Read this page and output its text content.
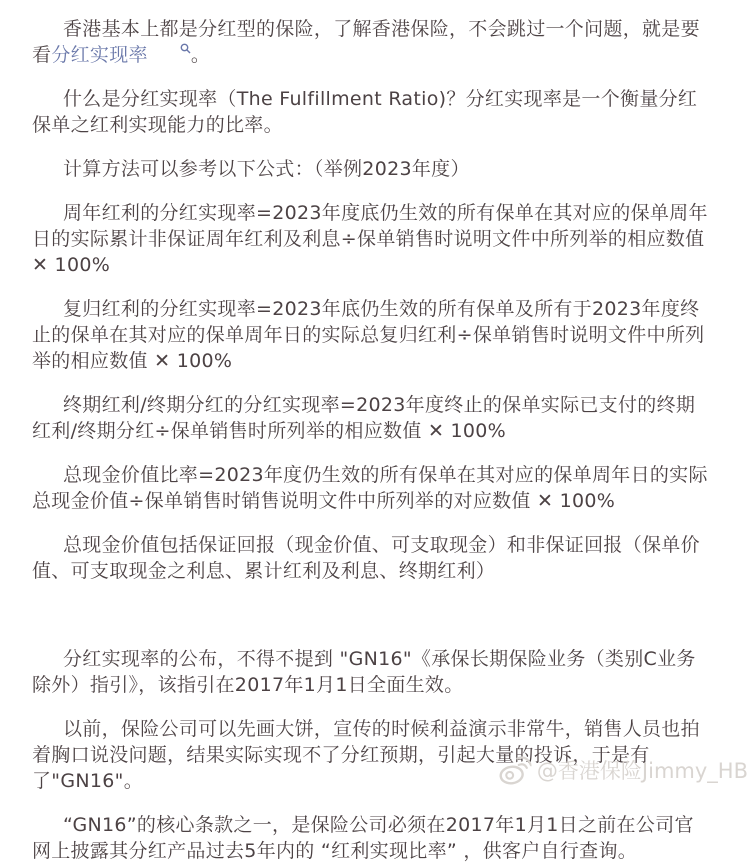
香港基本上都是分红型的保险，了解香港保险，不会跳过一个问题，就是要看分红实现率 。

什么是分红实现率（The Fulfillment Ratio)？分红实现率是一个衡量分红保单之红利实现能力的比率。

计算方法可以参考以下公式：（举例2023年度）

周年红利的分红实现率=2023年度底仍生效的所有保单在其对应的保单周年日的实际累计非保证周年红利及利息÷保单销售时说明文件中所列举的相应数值 ✕ 100%

复归红利的分红实现率=2023年底仍生效的所有保单及所有于2023年度终止的保单在其对应的保单周年日的实际总复归红利÷保单销售时说明文件中所列举的相应数值 ✕ 100%

终期红利/终期分红的分红实现率=2023年度终止的保单实际已支付的终期红利/终期分红÷保单销售时所列举的相应数值 ✕ 100%

总现金价值比率=2023年度仍生效的所有保单在其对应的保单周年日的实际总现金价值÷保单销售时销售说明文件中所列举的对应数值 ✕ 100%

总现金价值包括保证回报（现金价值、可支取现金）和非保证回报（保单价值、可支取现金之利息、累计红利及利息、终期红利）

分红实现率的公布，不得不提到 "GN16"《承保长期保险业务（类别C业务除外）指引》，该指引在2017年1月1日全面生效。

以前，保险公司可以先画大饼，宣传的时候利益演示非常牛，销售人员也拍着胸口说没问题，结果实际实现不了分红预期，引起大量的投诉，于是有了"GN16"。

“GN16”的核心条款之一，是保险公司必须在2017年1月1日之前在公司官网上披露其分红产品过去5年内的 “红利实现比率” ，供客户自行查询。

@香港保险Jimmy_HB
